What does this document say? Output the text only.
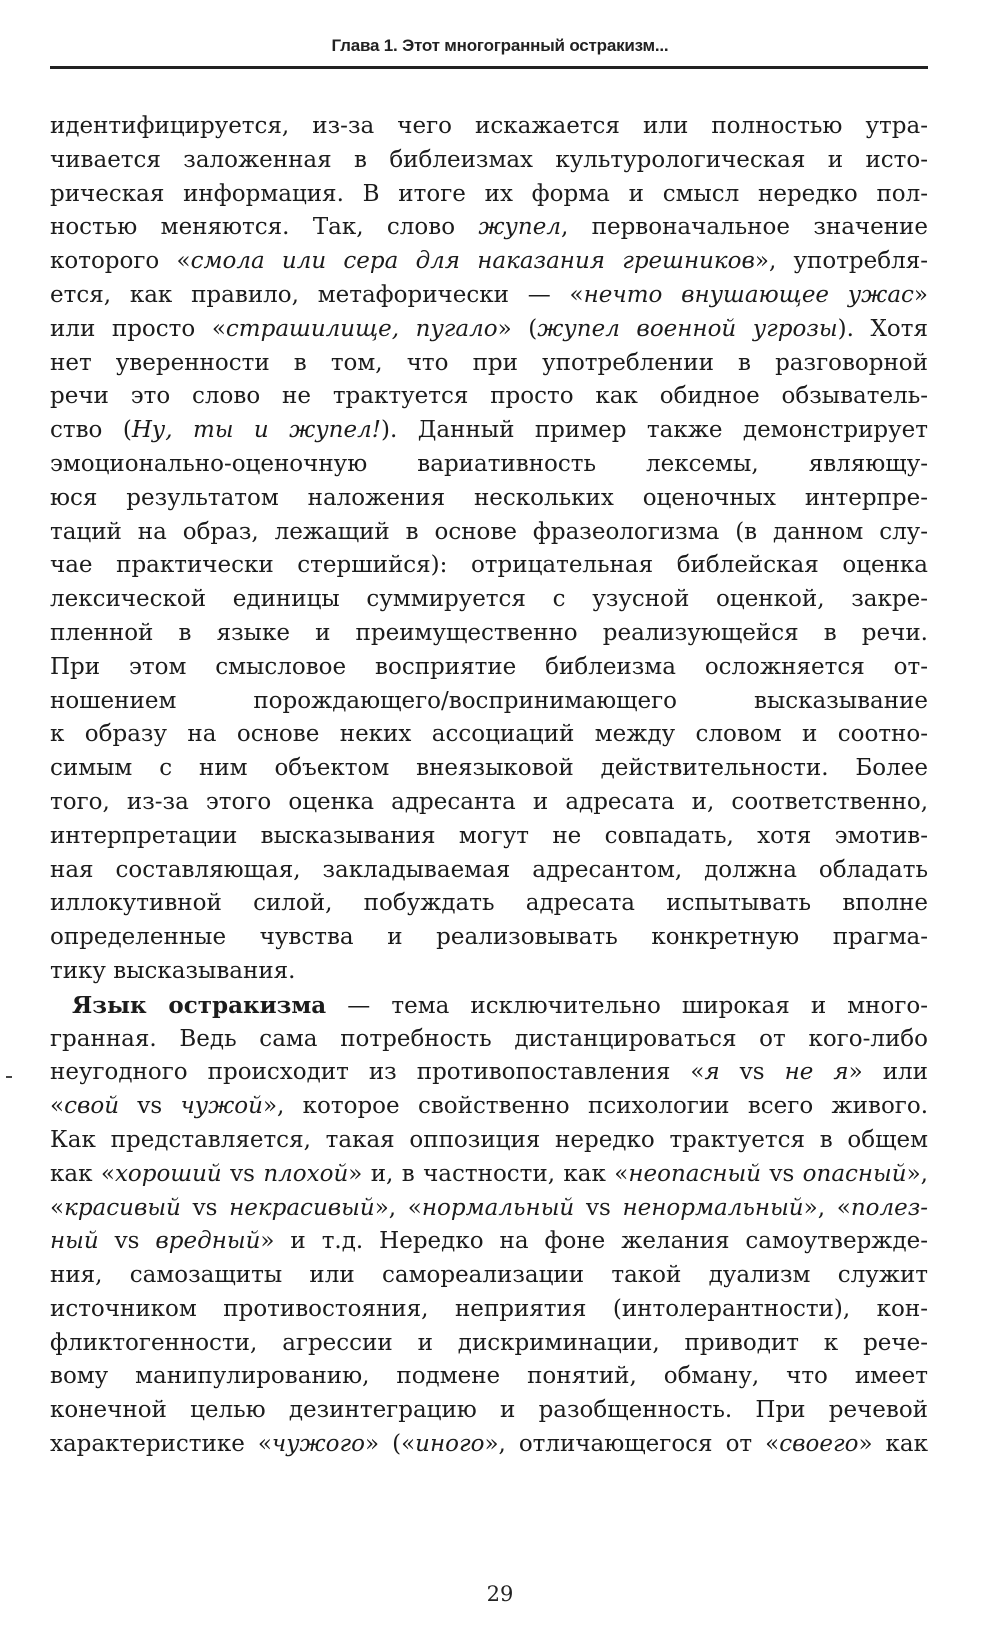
Глава 1. Этот многогранный остракизм...
идентифицируется, из-за чего искажается или полностью утра-
чивается заложенная в библеизмах культурологическая и исто-
рическая информация. В итоге их форма и смысл нередко пол-
ностью меняются. Так, слово жупел, первоначальное значение
которого «смола или сера для наказания грешников», употребля-
ется, как правило, метафорически — «нечто внушающее ужас»
или просто «страшилище, пугало» (жупел военной угрозы). Хотя
нет уверенности в том, что при употреблении в разговорной
речи это слово не трактуется просто как обидное обзыватель-
ство (Ну, ты и жупел!). Данный пример также демонстрирует
эмоционально-оценочную вариативность лексемы, являющу-
юся результатом наложения нескольких оценочных интерпре-
таций на образ, лежащий в основе фразеологизма (в данном слу-
чае практически стершийся): отрицательная библейская оценка
лексической единицы суммируется с узусной оценкой, закре-
пленной в языке и преимущественно реализующейся в речи.
При этом смысловое восприятие библеизма осложняется от-
ношением порождающего/воспринимающего высказывание
к образу на основе неких ассоциаций между словом и соотно-
симым с ним объектом внеязыковой действительности. Более
того, из-за этого оценка адресанта и адресата и, соответственно,
интерпретации высказывания могут не совпадать, хотя эмотив-
ная составляющая, закладываемая адресантом, должна обладать
иллокутивной силой, побуждать адресата испытывать вполне
определенные чувства и реализовывать конкретную прагма-
тику высказывания.
Язык остракизма — тема исключительно широкая и много-
гранная. Ведь сама потребность дистанцироваться от кого-либо
неугодного происходит из противопоставления «я vs не я» или
«свой vs чужой», которое свойственно психологии всего живого.
Как представляется, такая оппозиция нередко трактуется в общем
как «хороший vs плохой» и, в частности, как «неопасный vs опасный»,
«красивый vs некрасивый», «нормальный vs ненормальный», «полез-
ный vs вредный» и т.д. Нередко на фоне желания самоутвержде-
ния, самозащиты или самореализации такой дуализм служит
источником противостояния, неприятия (интолерантности), кон-
фликтогенности, агрессии и дискриминации, приводит к рече-
вому манипулированию, подмене понятий, обману, что имеет
конечной целью дезинтеграцию и разобщенность. При речевой
характеристике «чужого» («иного», отличающегося от «своего» как
29
